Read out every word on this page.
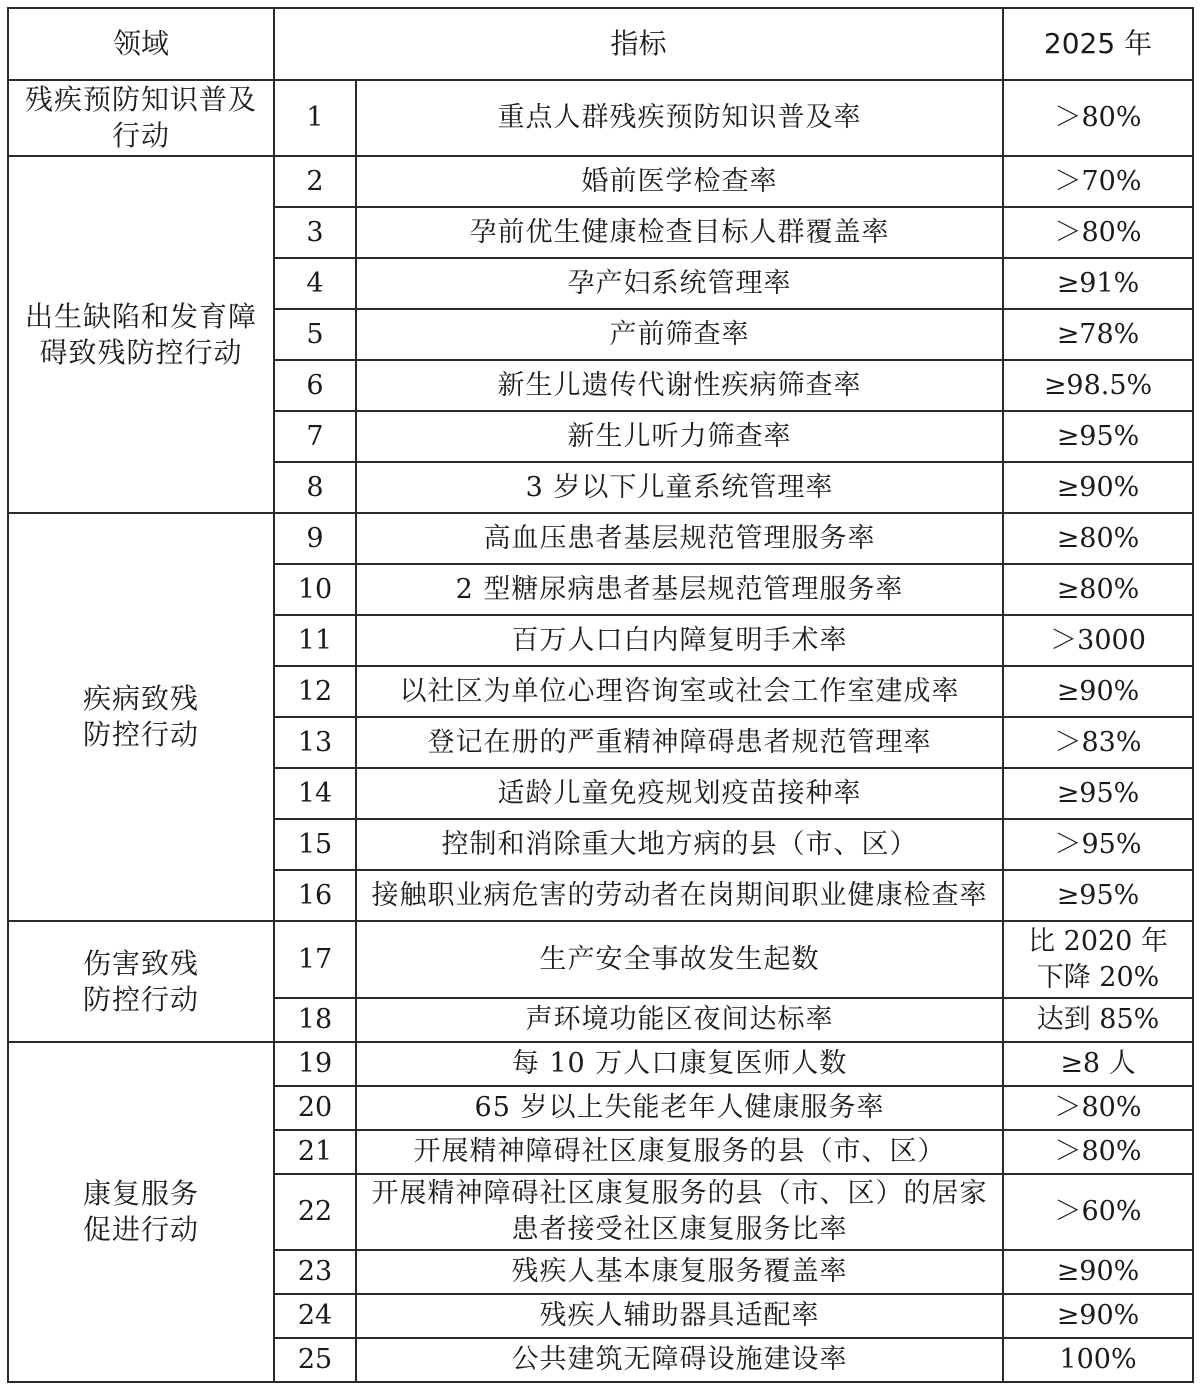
领域	指标		2025 年

残疾预防知识普及行动	1	重点人群残疾预防知识普及率	＞80%

出生缺陷和发育障碍致残防控行动	2	婚前医学检查率	＞70%

	3	孕前优生健康检查目标人群覆盖率	＞80%

	4	孕产妇系统管理率	≥91%

	5	产前筛查率	≥78%

	6	新生儿遗传代谢性疾病筛查率	≥98.5%

	7	新生儿听力筛查率	≥95%

	8	3 岁以下儿童系统管理率	≥90%

疾病致残防控行动	9	高血压患者基层规范管理服务率	≥80%

	10	2 型糖尿病患者基层规范管理服务率	≥80%

	11	百万人口白内障复明手术率	＞3000

	12	以社区为单位心理咨询室或社会工作室建成率	≥90%

	13	登记在册的严重精神障碍患者规范管理率	＞83%

	14	适龄儿童免疫规划疫苗接种率	≥95%

	15	控制和消除重大地方病的县（市、区）	＞95%

	16	接触职业病危害的劳动者在岗期间职业健康检查率	≥95%

伤害致残防控行动	17	生产安全事故发生起数	比 2020 年下降 20%

	18	声环境功能区夜间达标率	达到 85%

康复服务促进行动	19	每 10 万人口康复医师人数	≥8 人

	20	65 岁以上失能老年人健康服务率	＞80%

	21	开展精神障碍社区康复服务的县（市、区）	＞80%

	22	开展精神障碍社区康复服务的县（市、区）的居家患者接受社区康复服务比率	＞60%

	23	残疾人基本康复服务覆盖率	≥90%

	24	残疾人辅助器具适配率	≥90%

	25	公共建筑无障碍设施建设率	100%
